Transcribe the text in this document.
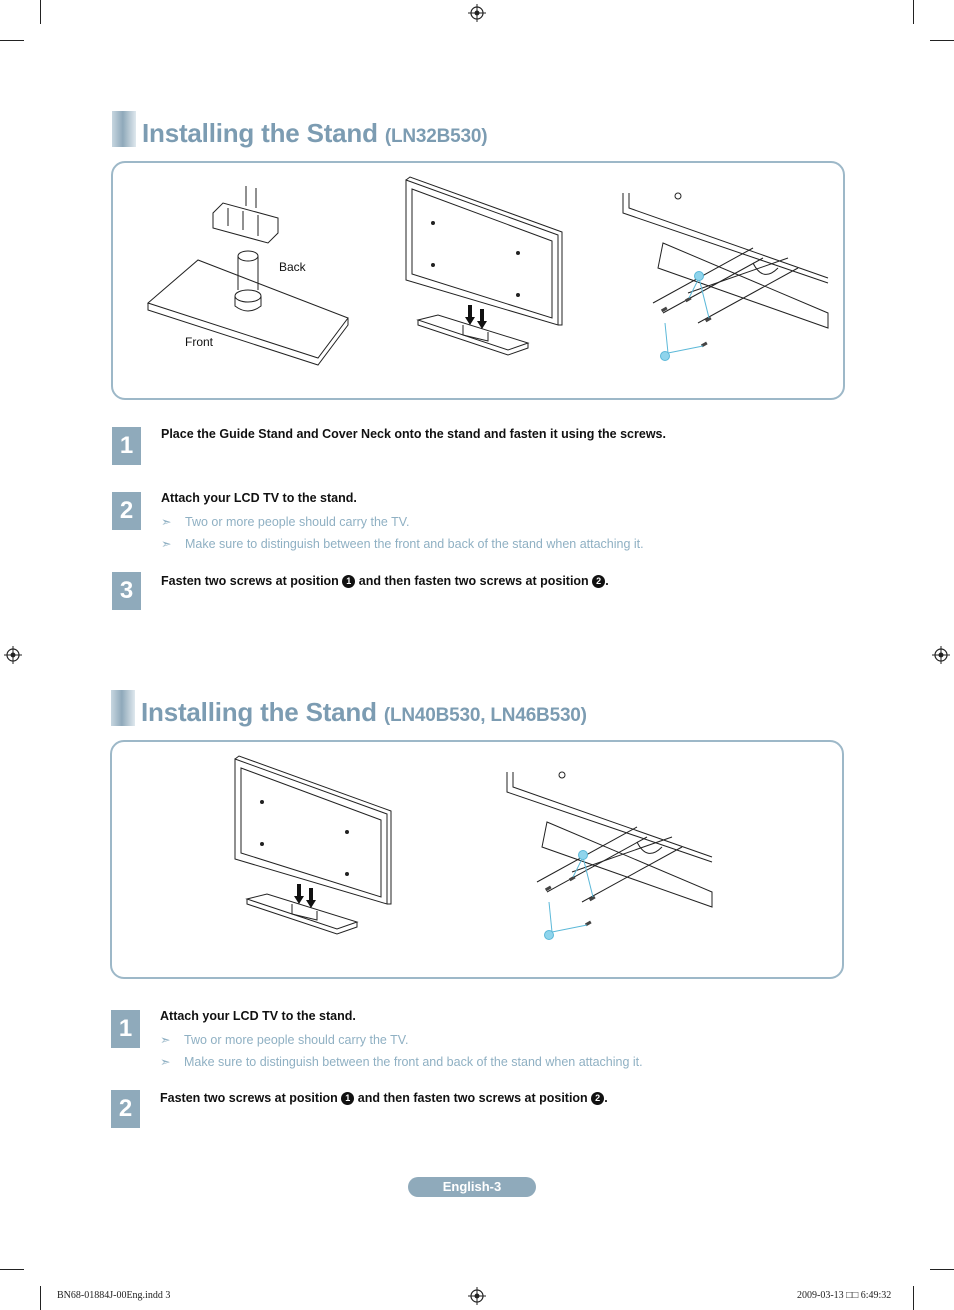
Installing the Stand (LN32B530)
Back
Front
1	Place the Guide Stand and Cover Neck onto the stand and fasten it using the screws.
2	Attach your LCD TV to the stand.
➣ Two or more people should carry the TV.
➣ Make sure to distinguish between the front and back of the stand when attaching it.
3	Fasten two screws at position 1 and then fasten two screws at position 2 .
Installing the Stand (LN40B530, LN46B530)
1	Attach your LCD TV to the stand.
➣ Two or more people should carry the TV.
➣ Make sure to distinguish between the front and back of the stand when attaching it.
2	Fasten two screws at position 1 and then fasten two screws at position 2 .
English-3
BN68-01884J-00Eng.indd 3	2009-03-13 □□ 6:49:32
